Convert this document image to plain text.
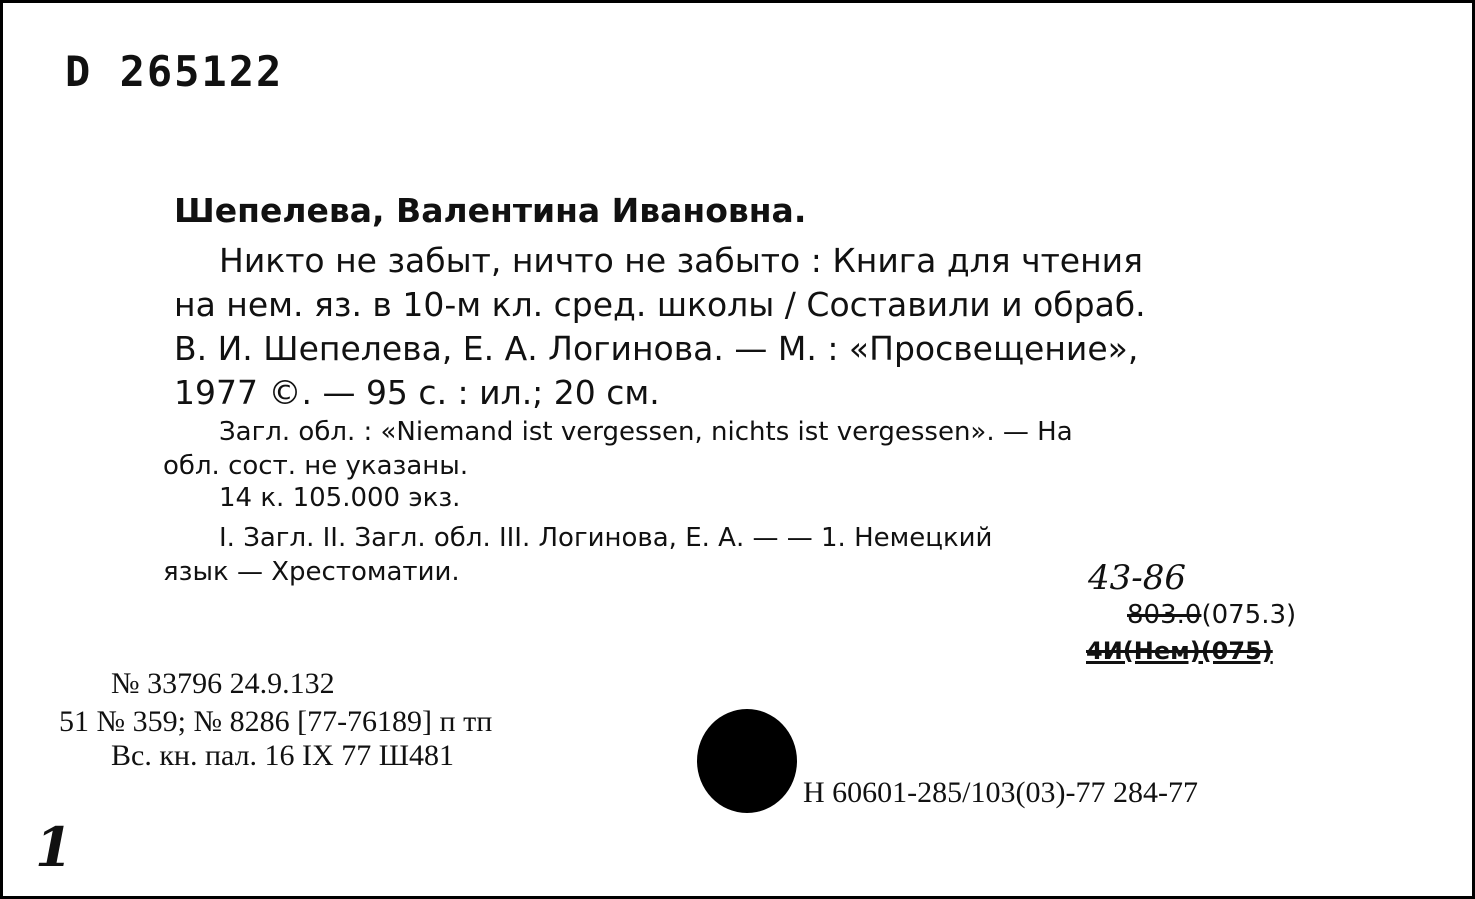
D 265122
Шепелева, Валентина Ивановна.
Никто не забыт, ничто не забыто : Книга для чтения
на нем. яз. в 10-м кл. сред. школы / Составили и обраб.
В. И. Шепелева, Е. А. Логинова. — М. : «Просвещение»,
1977 ©. — 95 с. : ил.; 20 см.
Загл. обл. : «Niemand ist vergessen, nichts ist vergessen». — На
обл. сост. не указаны.
14 к. 105.000 экз.
I. Загл. II. Загл. обл. III. Логинова, Е. А. — — 1. Немецкий
язык — Хрестоматии.	43-86
803.0(075.3)
4И(Нем)(075)
№ 33796 24.9.132
51 № 359; № 8286 [77-76189] п тп
Вс. кн. пал. 16 IX 77 Ш481
Н 60601-285/103(03)-77 284-77
1
